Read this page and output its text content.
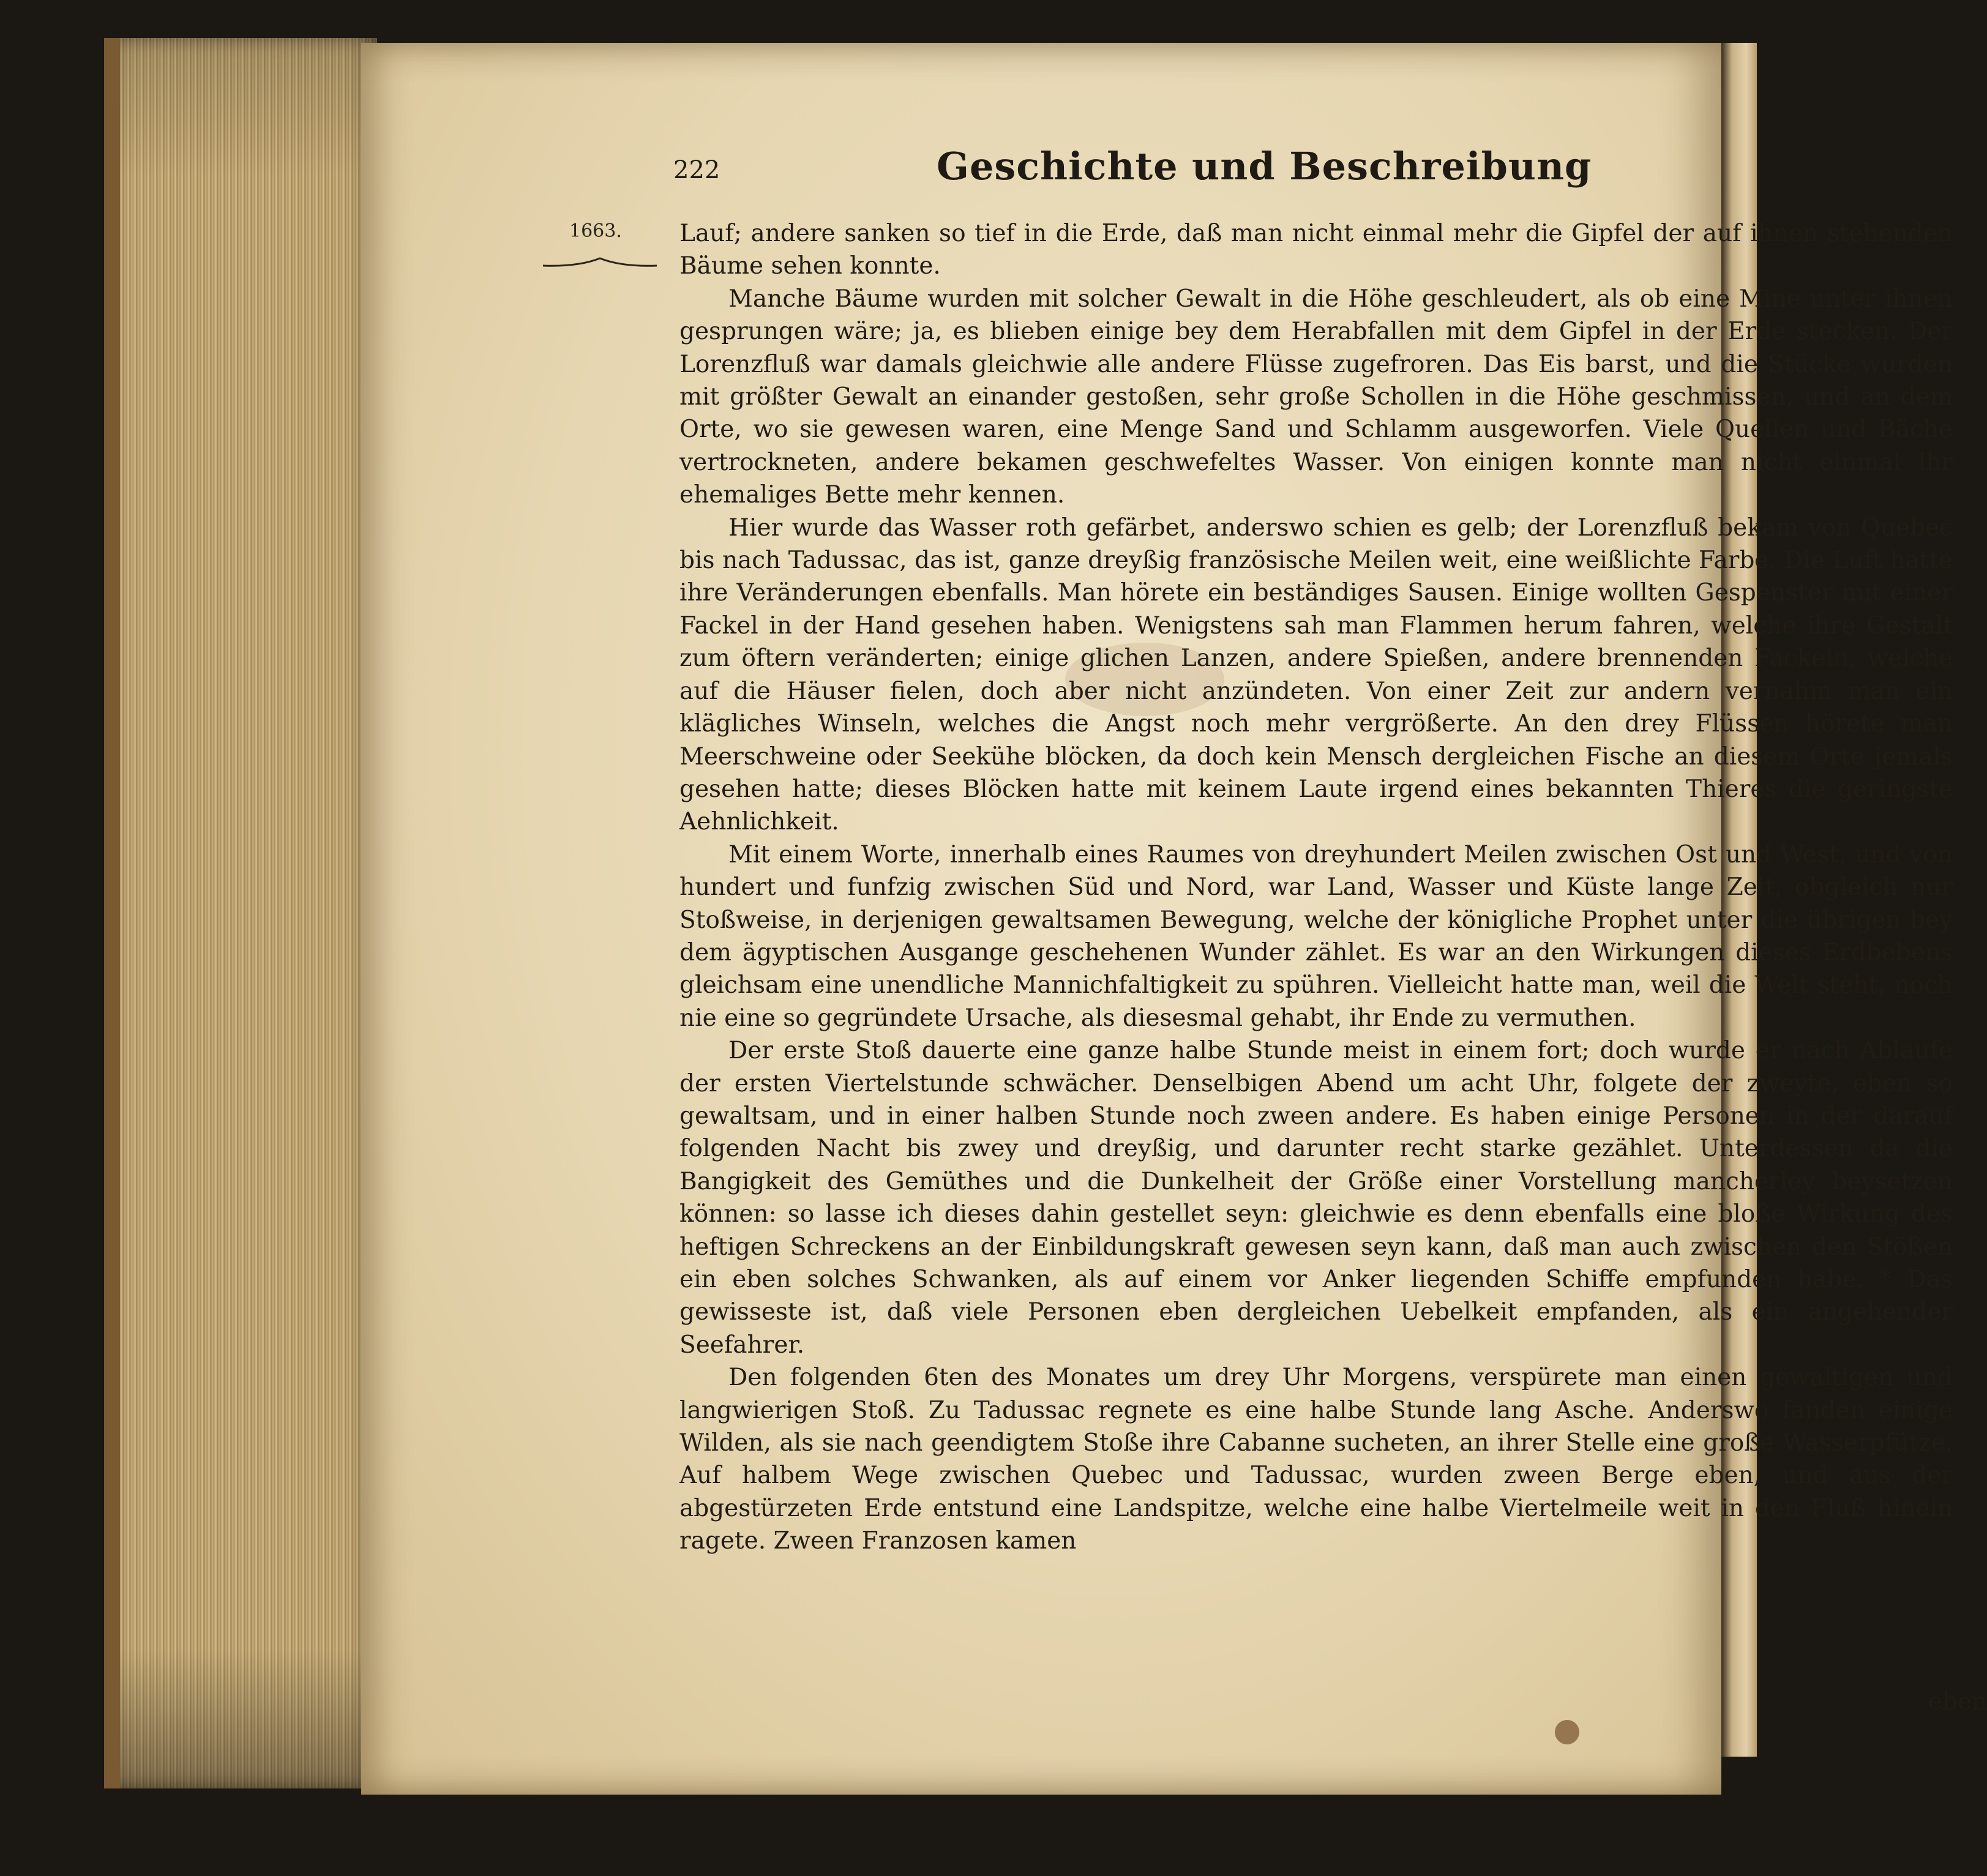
222	Geschichte und Beschreibung
1663. Lauf; andere sanken so tief in die Erde, daß man nicht einmal mehr die Gipfel der auf ihnen stehenden Bäume sehen konnte.

Manche Bäume wurden mit solcher Gewalt in die Höhe geschleudert, als ob eine Mine unter ihnen gesprungen wäre; ja, es blieben einige bey dem Herabfallen mit dem Gipfel in der Erde stecken. Der Lorenzfluß war damals gleichwie alle andere Flüsse zugefroren. Das Eis barst, und die Stücke wurden mit größter Gewalt an einander gestoßen, sehr große Schollen in die Höhe geschmissen, und an dem Orte, wo sie gewesen waren, eine Menge Sand und Schlamm ausgeworfen. Viele Quellen und Bäche vertrockneten, andere bekamen geschwefeltes Wasser. Von einigen konnte man nicht einmal ihr ehemaliges Bette mehr kennen.

Hier wurde das Wasser roth gefärbet, anderswo schien es gelb; der Lorenzfluß bekam von Quebec bis nach Tadussac, das ist, ganze dreyßig französische Meilen weit, eine weißlichte Farbe. Die Luft hatte ihre Veränderungen ebenfalls. Man hörete ein beständiges Sausen. Einige wollten Gespenster mit einer Fackel in der Hand gesehen haben. Wenigstens sah man Flammen herum fahren, welche ihre Gestalt zum öftern veränderten; einige glichen Lanzen, andere Spießen, andere brennenden Fackeln, welche auf die Häuser fielen, doch aber nicht anzündeten. Von einer Zeit zur andern vernahm man ein klägliches Winseln, welches die Angst noch mehr vergrößerte. An den drey Flüssen hörete man Meerschweine oder Seekühe blöcken, da doch kein Mensch dergleichen Fische an diesem Orte jemals gesehen hatte; dieses Blöcken hatte mit keinem Laute irgend eines bekannten Thieres die geringste Aehnlichkeit.

Mit einem Worte, innerhalb eines Raumes von dreyhundert Meilen zwischen Ost und West, und von hundert und funfzig zwischen Süd und Nord, war Land, Wasser und Küste lange Zeit, obgleich nur Stoßweise, in derjenigen gewaltsamen Bewegung, welche der königliche Prophet unter die übrigen bey dem ägyptischen Ausgange geschehenen Wunder zählet. Es war an den Wirkungen dieses Erdbebens gleichsam eine unendliche Mannichfaltigkeit zu spühren. Vielleicht hatte man, weil die Welt steht, noch nie eine so gegründete Ursache, als diesesmal gehabt, ihr Ende zu vermuthen.

Der erste Stoß dauerte eine ganze halbe Stunde meist in einem fort; doch wurde er nach Ablaufe der ersten Viertelstunde schwächer. Denselbigen Abend um acht Uhr, folgete der zweyte, eben so gewaltsam, und in einer halben Stunde noch zween andere. Es haben einige Personen in der darauf folgenden Nacht bis zwey und dreyßig, und darunter recht starke gezählet. Unterdessen da die Bangigkeit des Gemüthes und die Dunkelheit der Größe einer Vorstellung mancherley beysetzen können: so lasse ich dieses dahin gestellet seyn: gleichwie es denn ebenfalls eine bloße Wirkung des heftigen Schreckens an der Einbildungskraft gewesen seyn kann, daß man auch zwischen den Stößen ein eben solches Schwanken, als auf einem vor Anker liegenden Schiffe empfunden habe. * Das gewisseste ist, daß viele Personen eben dergleichen Uebelkeit empfanden, als ein angehender Seefahrer.

Den folgenden 6ten des Monates um drey Uhr Morgens, verspürete man einen gewaltigen und langwierigen Stoß. Zu Tadussac regnete es eine halbe Stunde lang Asche. Anderswo fanden einige Wilden, als sie nach geendigtem Stoße ihre Cabanne sucheten, an ihrer Stelle eine große Wasserpfütze. Auf halbem Wege zwischen Quebec und Tadussac, wurden zween Berge eben, und aus der abgestürzeten Erde entstund eine Landspitze, welche eine halbe Viertelmeile weit in den Fluß hinein ragete. Zween Franzosen kamen

eben
